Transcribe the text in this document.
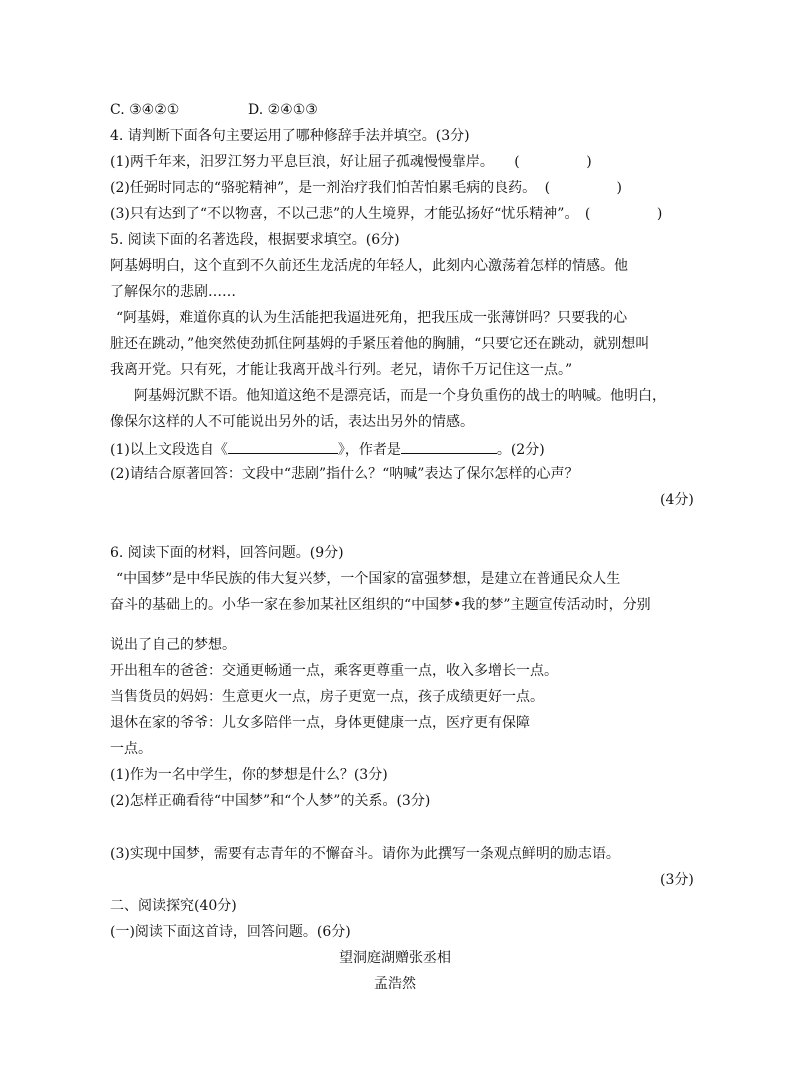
C. ③④②①	D. ②④①③
4. 请判断下面各句主要运用了哪种修辞手法并填空。(3分)
(1)两千年来，汨罗江努力平息巨浪，好让屈子孤魂慢慢靠岸。 (	)
(2)任弼时同志的“骆驼精神”，是一剂治疗我们怕苦怕累毛病的良药。 (	)
(3)只有达到了“不以物喜，不以己悲”的人生境界，才能弘扬好“忧乐精神”。 (	)
5. 阅读下面的名著选段，根据要求填空。(6分)
阿基姆明白，这个直到不久前还生龙活虎的年轻人，此刻内心激荡着怎样的情感。他
了解保尔的悲剧……
“阿基姆，难道你真的认为生活能把我逼进死角，把我压成一张薄饼吗？只要我的心
脏还在跳动，”他突然使劲抓住阿基姆的手紧压着他的胸脯，“只要它还在跳动，就别想叫
我离开党。只有死，才能让我离开战斗行列。老兄，请你千万记住这一点。”
阿基姆沉默不语。他知道这绝不是漂亮话，而是一个身负重伤的战士的呐喊。他明白，
像保尔这样的人不可能说出另外的话，表达出另外的情感。
(1)以上文段选自《	》，作者是	。(2分)
(2)请结合原著回答：文段中“悲剧”指什么？“呐喊”表达了保尔怎样的心声？
(4分)
6. 阅读下面的材料，回答问题。(9分)
“中国梦”是中华民族的伟大复兴梦，一个国家的富强梦想，是建立在普通民众人生
奋斗的基础上的。小华一家在参加某社区组织的“中国梦•我的梦”主题宣传活动时，分别
说出了自己的梦想。
开出租车的爸爸：交通更畅通一点，乘客更尊重一点，收入多增长一点。
当售货员的妈妈：生意更火一点，房子更宽一点，孩子成绩更好一点。
退休在家的爷爷：儿女多陪伴一点，身体更健康一点，医疗更有保障
一点。
(1)作为一名中学生，你的梦想是什么？(3分)
(2)怎样正确看待“中国梦”和“个人梦”的关系。(3分)
(3)实现中国梦，需要有志青年的不懈奋斗。请你为此撰写一条观点鲜明的励志语。
(3分)
二、阅读探究(40分)
(一)阅读下面这首诗，回答问题。(6分)
望洞庭湖赠张丞相
孟浩然
